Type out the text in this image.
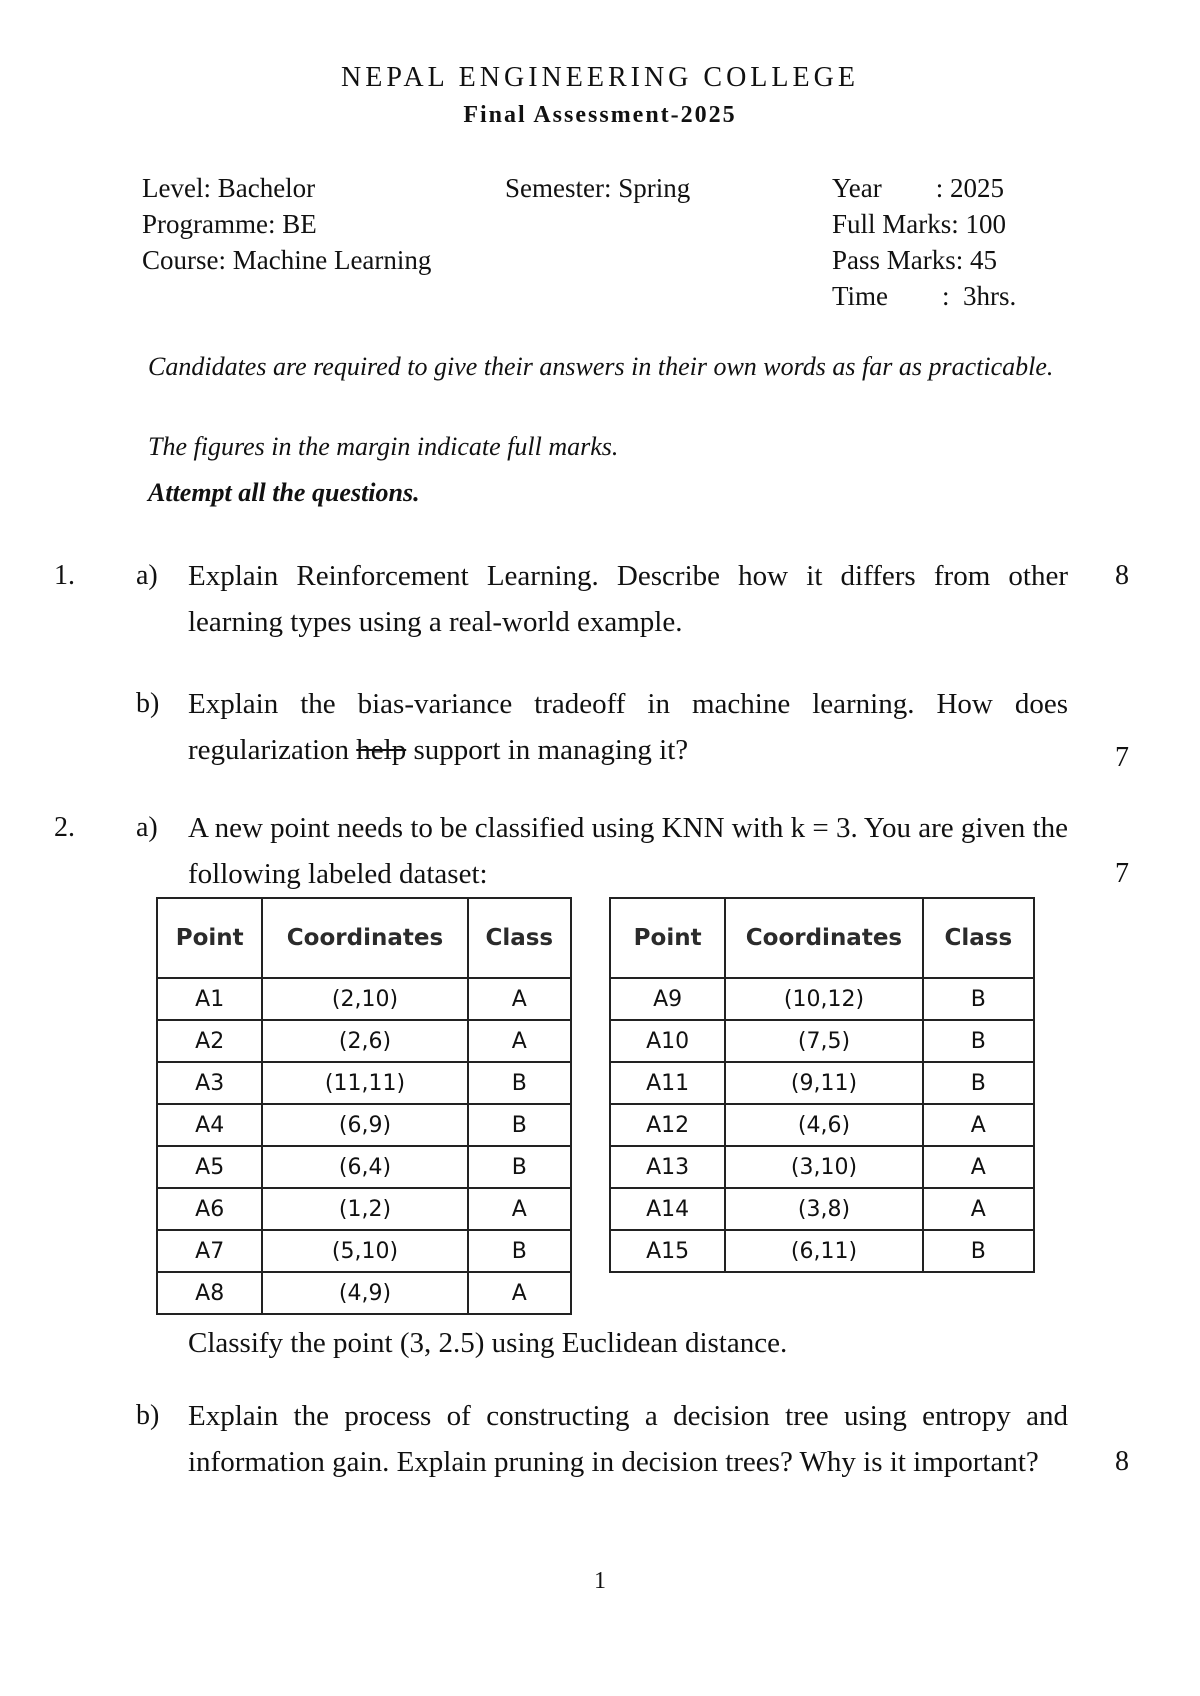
NEPAL ENGINEERING COLLEGE
Final Assessment-2025
Level: Bachelor	Semester: Spring	Year        : 2025
Programme: BE	Full Marks: 100
Course: Machine Learning	Pass Marks: 45
Time        :  3hrs.
Candidates are required to give their answers in their own words as far as practicable.
The figures in the margin indicate full marks.
Attempt all the questions.
1. a) Explain Reinforcement Learning. Describe how it differs from other learning types using a real-world example.
8
b) Explain the bias-variance tradeoff in machine learning. How does regularization help support in managing it?	7
2. a) A new point needs to be classified using KNN with k = 3. You are given the following labeled dataset:	7
Point	Coordinates	Class
A1	(2,10)	A
A2	(2,6)	A
A3	(11,11)	B
A4	(6,9)	B
A5	(6,4)	B
A6	(1,2)	A
A7	(5,10)	B
A8	(4,9)	A
Point	Coordinates	Class
A9	(10,12)	B
A10	(7,5)	B
A11	(9,11)	B
A12	(4,6)	A
A13	(3,10)	A
A14	(3,8)	A
A15	(6,11)	B
Classify the point (3, 2.5) using Euclidean distance.
b) Explain the process of constructing a decision tree using entropy and information gain. Explain pruning in decision trees? Why is it important?	8
1
